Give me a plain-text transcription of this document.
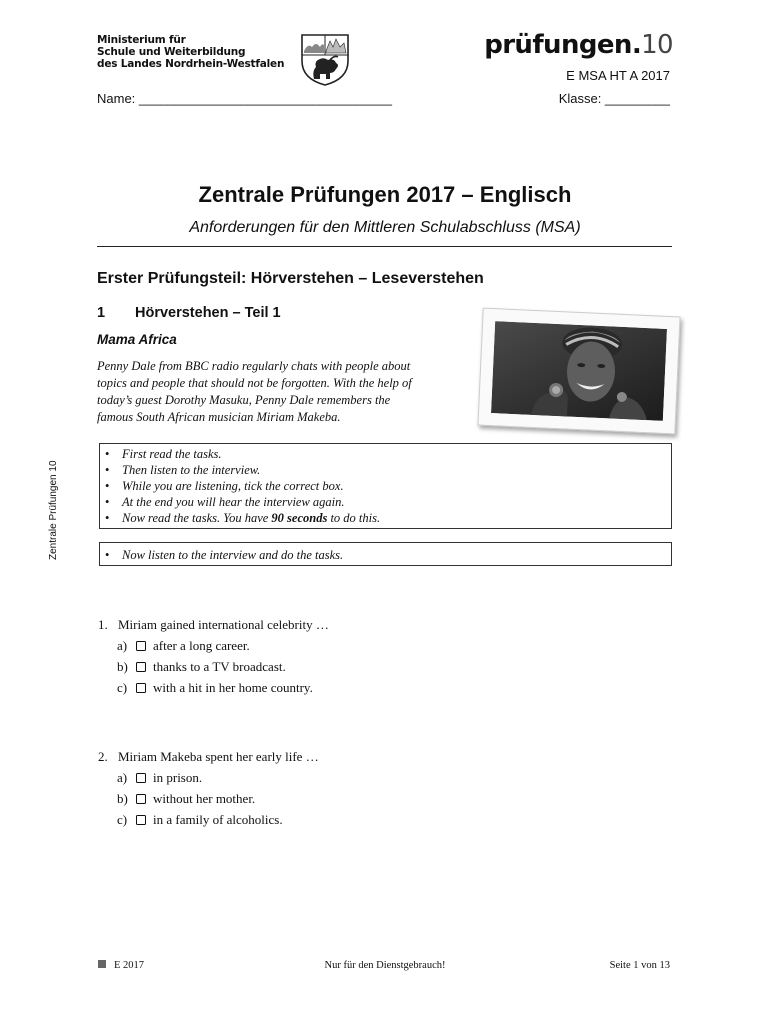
Ministerium für
Schule und Weiterbildung
des Landes Nordrhein-Westfalen
prüfungen.10
E MSA HT A 2017
Name: ___________________________________	Klasse: _________
Zentrale Prüfungen 2017 – Englisch
Anforderungen für den Mittleren Schulabschluss (MSA)
Erster Prüfungsteil: Hörverstehen – Leseverstehen
1 Hörverstehen – Teil 1
Mama Africa
Penny Dale from BBC radio regularly chats with people about
topics and people that should not be forgotten. With the help of
today’s guest Dorothy Masuku, Penny Dale remembers the
famous South African musician Miriam Makeba.
• First read the tasks.
• Then listen to the interview.
• While you are listening, tick the correct box.
• At the end you will hear the interview again.
• Now read the tasks. You have 90 seconds to do this.
• Now listen to the interview and do the tasks.
Zentrale Prüfungen 10
1. Miriam gained international celebrity …
a) after a long career.
b) thanks to a TV broadcast.
c) with a hit in her home country.
2. Miriam Makeba spent her early life …
a) in prison.
b) without her mother.
c) in a family of alcoholics.
E 2017	Nur für den Dienstgebrauch!	Seite 1 von 13
